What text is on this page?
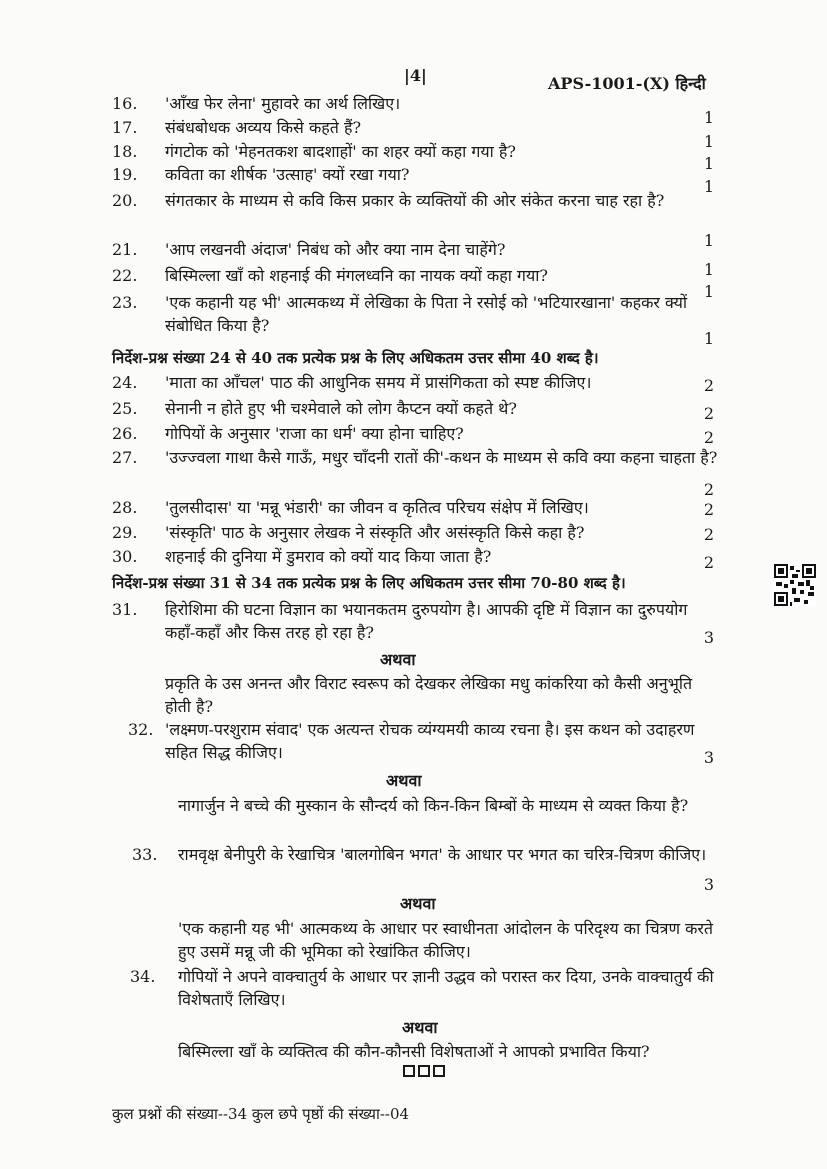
|4|	APS-1001-(X) हिन्दी
16.	'आँख फेर लेना' मुहावरे का अर्थ लिखिए।
1
17.	संबंधबोधक अव्यय किसे कहते हैं?
1
18.	गंगटोक को 'मेहनतकश बादशाहों' का शहर क्यों कहा गया है?
1
19.	कविता का शीर्षक 'उत्साह' क्यों रखा गया?
1
20.	संगतकार के माध्यम से कवि किस प्रकार के व्यक्तियों की ओर संकेत करना चाह रहा है?
1
21.	'आप लखनवी अंदाज' निबंध को और क्या नाम देना चाहेंगे?
1
22.	बिस्मिल्ला खाँ को शहनाई की मंगलध्वनि का नायक क्यों कहा गया?
1
23.	'एक कहानी यह भी' आत्मकथ्य में लेखिका के पिता ने रसोई को 'भटियारखाना' कहकर क्यों संबोधित किया है?
1
निर्देश-प्रश्न संख्या 24 से 40 तक प्रत्येक प्रश्न के लिए अधिकतम उत्तर सीमा 40 शब्द है।
24.	'माता का आँचल' पाठ की आधुनिक समय में प्रासंगिकता को स्पष्ट कीजिए।	2
25.	सेनानी न होते हुए भी चश्मेवाले को लोग कैप्टन क्यों कहते थे?	2
26.	गोपियों के अनुसार 'राजा का धर्म' क्या होना चाहिए?	2
27.	'उज्ज्वला गाथा कैसे गाऊँ, मधुर चाँदनी रातों की'-कथन के माध्यम से कवि क्या कहना चाहता है?
2
28.	'तुलसीदास' या 'मन्नू भंडारी' का जीवन व कृतित्व परिचय संक्षेप में लिखिए।	2
29.	'संस्कृति' पाठ के अनुसार लेखक ने संस्कृति और असंस्कृति किसे कहा है?	2
30.	शहनाई की दुनिया में डुमराव को क्यों याद किया जाता है?	2
निर्देश-प्रश्न संख्या 31 से 34 तक प्रत्येक प्रश्न के लिए अधिकतम उत्तर सीमा 70-80 शब्द है।
31.	हिरोशिमा की घटना विज्ञान का भयानकतम दुरुपयोग है। आपकी दृष्टि में विज्ञान का दुरुपयोग कहाँ-कहाँ और किस तरह हो रहा है?	3
अथवा
प्रकृति के उस अनन्त और विराट स्वरूप को देखकर लेखिका मधु कांकरिया को कैसी अनुभूति होती है?
32. 'लक्ष्मण-परशुराम संवाद' एक अत्यन्त रोचक व्यंग्यमयी काव्य रचना है। इस कथन को उदाहरण सहित सिद्ध कीजिए।	3
अथवा
नागार्जुन ने बच्चे की मुस्कान के सौन्दर्य को किन-किन बिम्बों के माध्यम से व्यक्त किया है?
33.	रामवृक्ष बेनीपुरी के रेखाचित्र 'बालगोबिन भगत' के आधार पर भगत का चरित्र-चित्रण कीजिए।
3
अथवा
'एक कहानी यह भी' आत्मकथ्य के आधार पर स्वाधीनता आंदोलन के परिदृश्य का चित्रण करते हुए उसमें मन्नू जी की भूमिका को रेखांकित कीजिए।
34.	गोपियों ने अपने वाक्चातुर्य के आधार पर ज्ञानी उद्धव को परास्त कर दिया, उनके वाक्चातुर्य की विशेषताएँ लिखिए।
अथवा
बिस्मिल्ला खाँ के व्यक्तित्व की कौन-कौनसी विशेषताओं ने आपको प्रभावित किया?
कुल प्रश्नों की संख्या--34 कुल छपे पृष्ठों की संख्या--04
